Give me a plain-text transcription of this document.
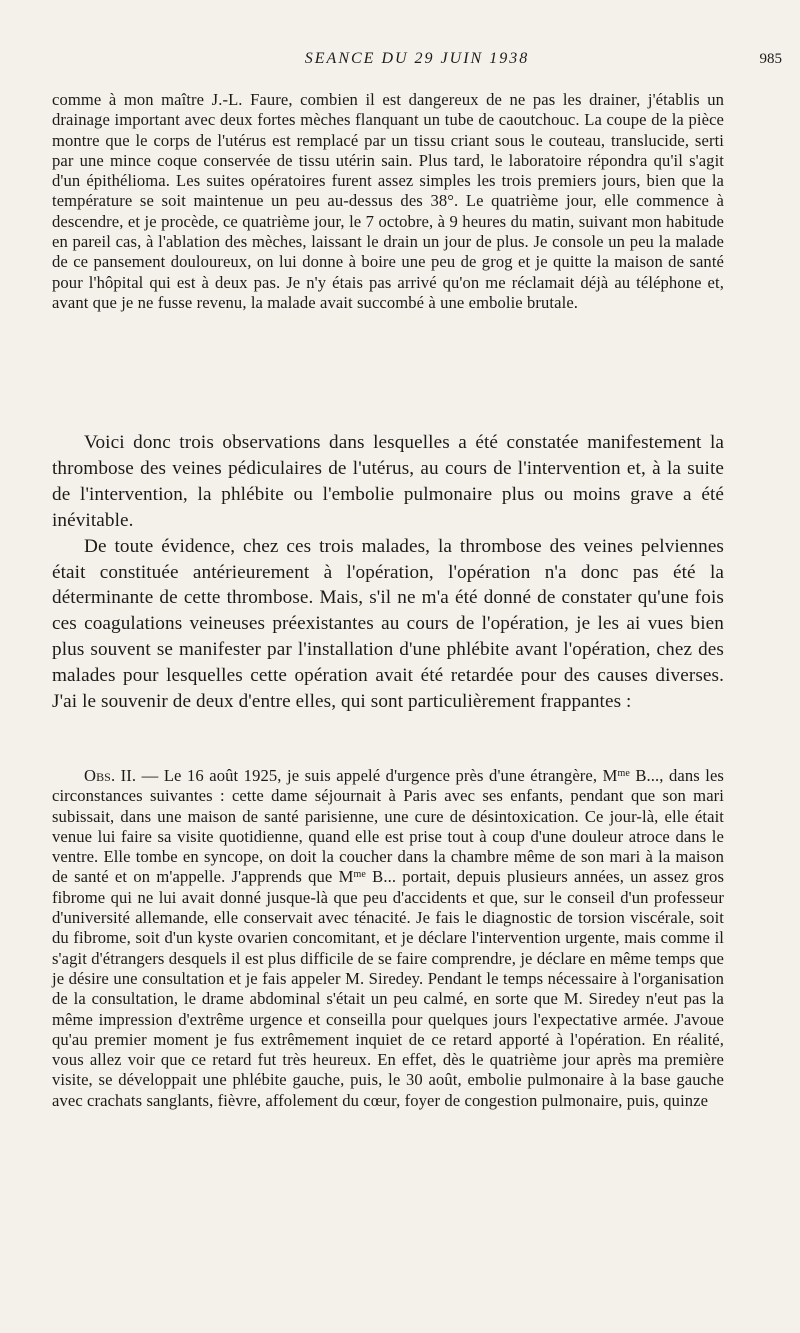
SEANCE DU 29 JUIN 1938	985

comme à mon maître J.-L. Faure, combien il est dangereux de ne pas les drainer, j'établis un drainage important avec deux fortes mèches flanquant un tube de caoutchouc. La coupe de la pièce montre que le corps de l'utérus est remplacé par un tissu criant sous le couteau, translucide, serti par une mince coque conservée de tissu utérin sain. Plus tard, le laboratoire répondra qu'il s'agit d'un épithélioma. Les suites opératoires furent assez simples les trois premiers jours, bien que la température se soit maintenue un peu au-dessus des 38°. Le quatrième jour, elle commence à descendre, et je procède, ce quatrième jour, le 7 octobre, à 9 heures du matin, suivant mon habitude en pareil cas, à l'ablation des mèches, laissant le drain un jour de plus. Je console un peu la malade de ce pansement douloureux, on lui donne à boire une peu de grog et je quitte la maison de santé pour l'hôpital qui est à deux pas. Je n'y étais pas arrivé qu'on me réclamait déjà au téléphone et, avant que je ne fusse revenu, la malade avait succombé à une embolie brutale.

Voici donc trois observations dans lesquelles a été constatée manifestement la thrombose des veines pédiculaires de l'utérus, au cours de l'intervention et, à la suite de l'intervention, la phlébite ou l'embolie pulmonaire plus ou moins grave a été inévitable.

De toute évidence, chez ces trois malades, la thrombose des veines pelviennes était constituée antérieurement à l'opération, l'opération n'a donc pas été la déterminante de cette thrombose. Mais, s'il ne m'a été donné de constater qu'une fois ces coagulations veineuses préexistantes au cours de l'opération, je les ai vues bien plus souvent se manifester par l'installation d'une phlébite avant l'opération, chez des malades pour lesquelles cette opération avait été retardée pour des causes diverses. J'ai le souvenir de deux d'entre elles, qui sont particulièrement frappantes :

Obs. II. — Le 16 août 1925, je suis appelé d'urgence près d'une étrangère, $M^{me}$ B..., dans les circonstances suivantes : cette dame séjournait à Paris avec ses enfants, pendant que son mari subissait, dans une maison de santé parisienne, une cure de désintoxication. Ce jour-là, elle était venue lui faire sa visite quotidienne, quand elle est prise tout à coup d'une douleur atroce dans le ventre. Elle tombe en syncope, on doit la coucher dans la chambre même de son mari à la maison de santé et on m'appelle. J'apprends que $M^{me}$ B... portait, depuis plusieurs années, un assez gros fibrome qui ne lui avait donné jusque-là que peu d'accidents et que, sur le conseil d'un professeur d'université allemande, elle conservait avec ténacité. Je fais le diagnostic de torsion viscérale, soit du fibrome, soit d'un kyste ovarien concomitant, et je déclare l'intervention urgente, mais comme il s'agit d'étrangers desquels il est plus difficile de se faire comprendre, je déclare en même temps que je désire une consultation et je fais appeler M. Siredey. Pendant le temps nécessaire à l'organisation de la consultation, le drame abdominal s'était un peu calmé, en sorte que M. Siredey n'eut pas la même impression d'extrême urgence et conseilla pour quelques jours l'expectative armée. J'avoue qu'au premier moment je fus extrêmement inquiet de ce retard apporté à l'opération. En réalité, vous allez voir que ce retard fut très heureux. En effet, dès le quatrième jour après ma première visite, se développait une phlébite gauche, puis, le 30 août, embolie pulmonaire à la base gauche avec crachats sanglants, fièvre, affolement du cœur, foyer de congestion pulmonaire, puis, quinze
